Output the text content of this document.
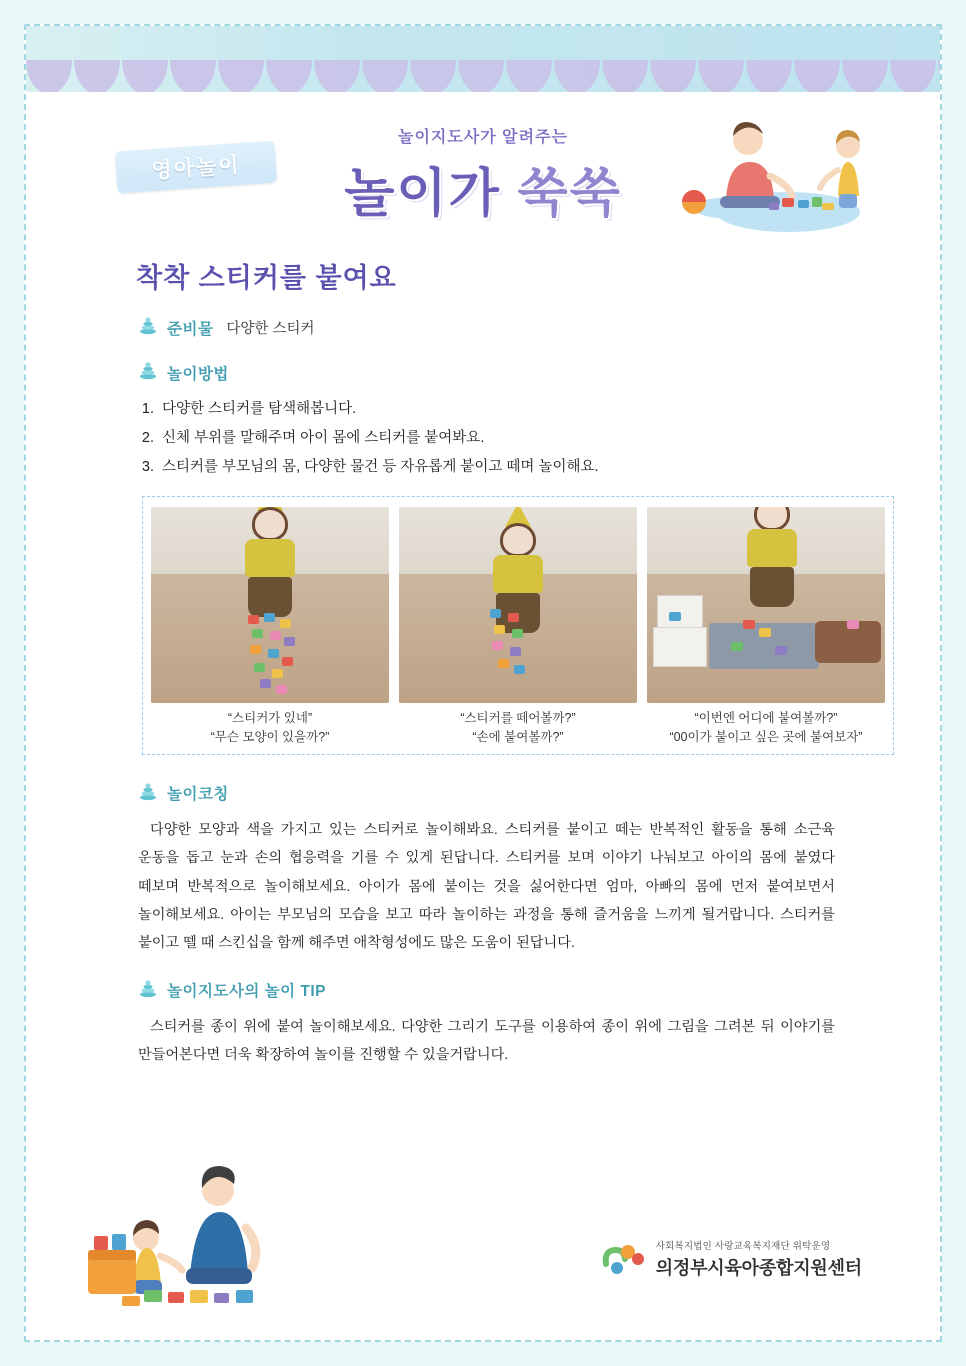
영아놀이
놀이지도사가 알려주는
놀이가 쑥쑥
착착 스티커를 붙여요
준비물 다양한 스티커
놀이방법
1. 다양한 스티커를 탐색해봅니다.
2. 신체 부위를 말해주며 아이 몸에 스티커를 붙여봐요.
3. 스티커를 부모님의 몸, 다양한 물건 등 자유롭게 붙이고 떼며 놀이해요.
“스티커가 있네”
“무슨 모양이 있을까?”
“스티커를 떼어볼까?”
“손에 붙여볼까?”
“이번엔 어디에 붙여볼까?”
“00이가 붙이고 싶은 곳에 붙여보자”
놀이코칭

다양한 모양과 색을 가지고 있는 스티커로 놀이해봐요. 스티커를 붙이고 떼는 반복적인 활동을 통해 소근육 운동을 돕고 눈과 손의 협응력을 기를 수 있게 된답니다. 스티커를 보며 이야기 나눠보고 아이의 몸에 붙였다 떼보며 반복적으로 놀이해보세요. 아이가 몸에 붙이는 것을 싫어한다면 엄마, 아빠의 몸에 먼저 붙여보면서 놀이해보세요. 아이는 부모님의 모습을 보고 따라 놀이하는 과정을 통해 즐거움을 느끼게 될거랍니다. 스티커를 붙이고 뗄 때 스킨십을 함께 해주면 애착형성에도 많은 도움이 된답니다.

놀이지도사의 놀이 TIP

스티커를 종이 위에 붙여 놀이해보세요. 다양한 그리기 도구를 이용하여 종이 위에 그림을 그려본 뒤 이야기를 만들어본다면 더욱 확장하여 놀이를 진행할 수 있을거랍니다.

사회복지법인 사랑교육복지재단 위탁운영
의정부시육아종합지원센터
